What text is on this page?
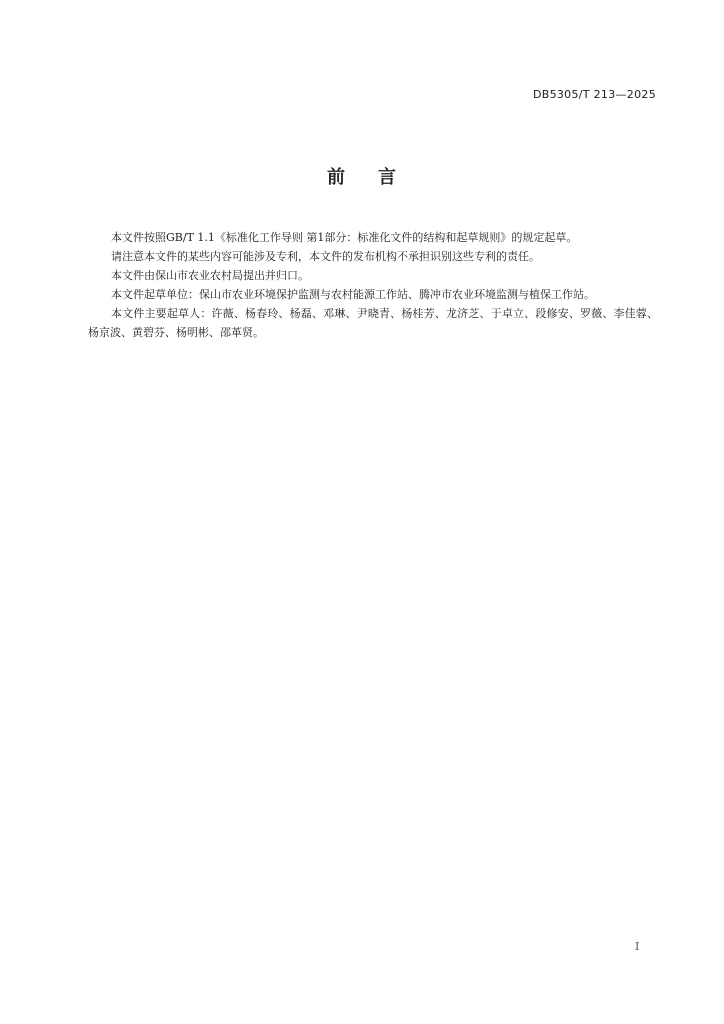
DB5305/T 213—2025
前 言

本文件按照GB/T 1.1《标准化工作导则 第1部分：标准化文件的结构和起草规则》的规定起草。

请注意本文件的某些内容可能涉及专利，本文件的发布机构不承担识别这些专利的责任。

本文件由保山市农业农村局提出并归口。

本文件起草单位：保山市农业环境保护监测与农村能源工作站、腾冲市农业环境监测与植保工作站。

本文件主要起草人：许薇、杨春玲、杨磊、邓琳、尹晓青、杨桂芳、龙济芝、于卓立、段修安、罗薇、李佳蓉、杨京波、黄碧芬、杨明彬、邵革贤。

I
